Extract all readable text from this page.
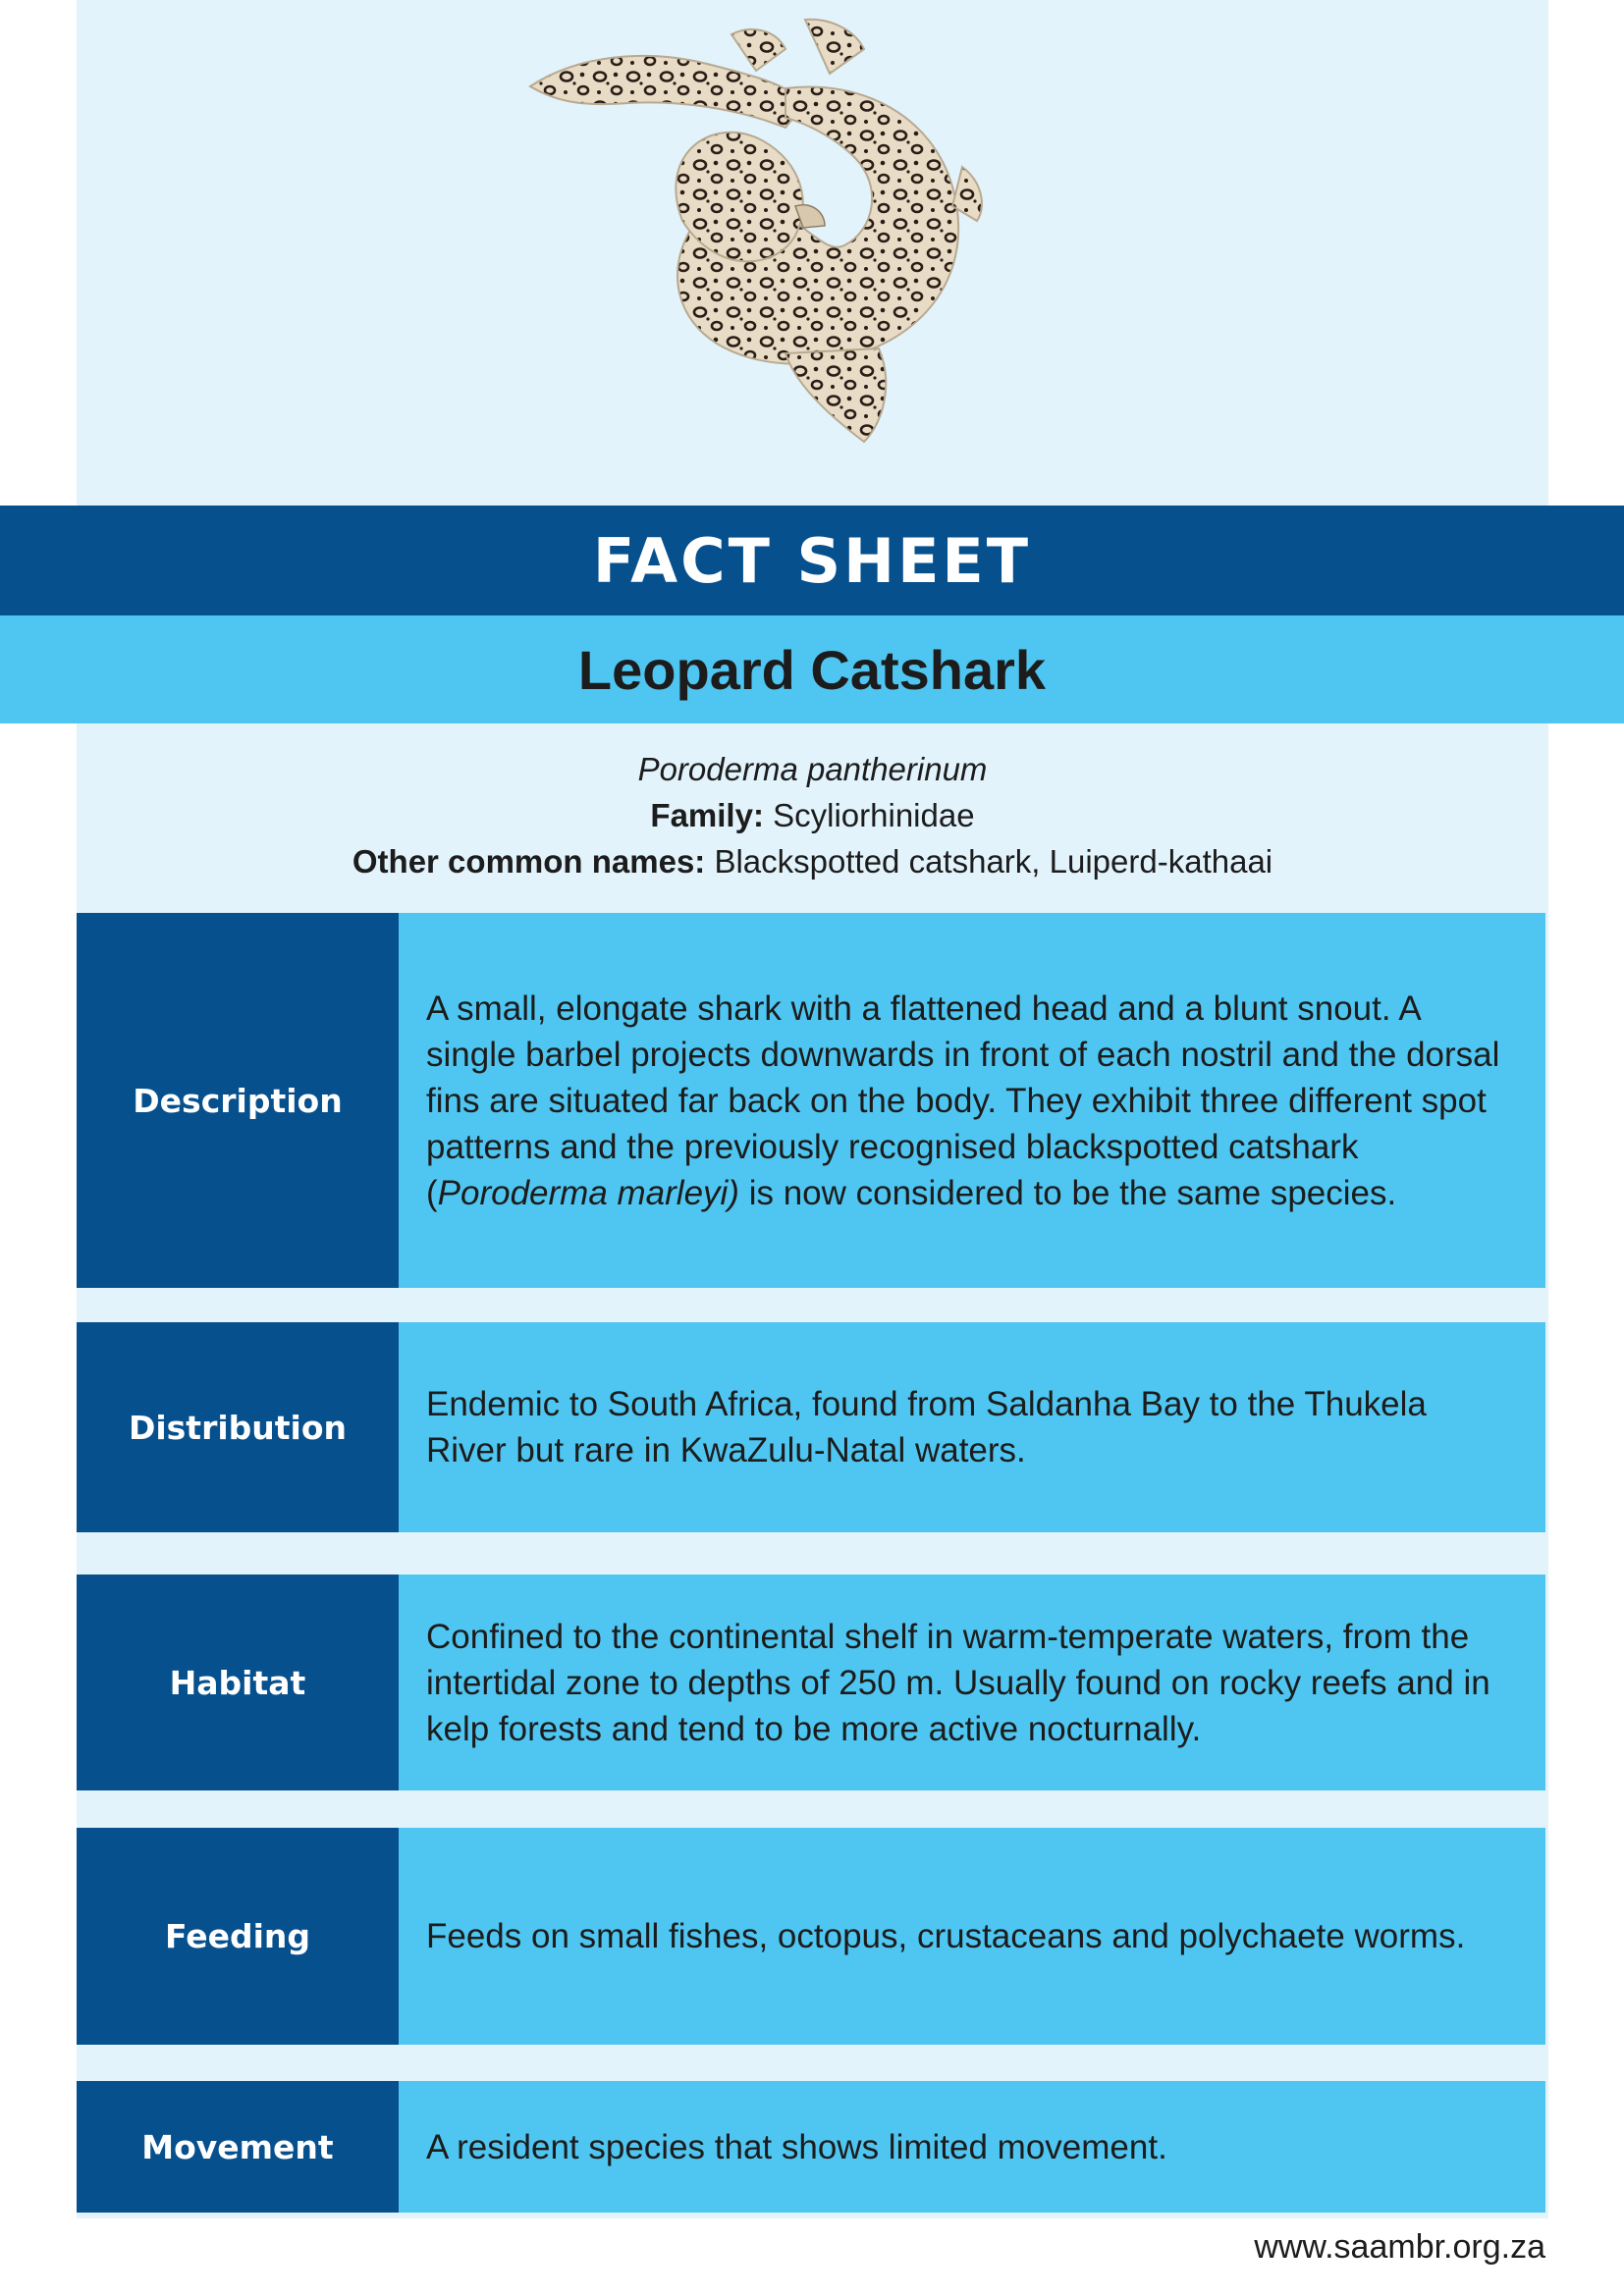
FACT SHEET
Leopard Catshark
Poroderma pantherinum
Family: Scyliorhinidae
Other common names: Blackspotted catshark, Luiperd-kathaai
Description
A small, elongate shark with a flattened head and a blunt snout. A single barbel projects downwards in front of each nostril and the dorsal fins are situated far back on the body. They exhibit three different spot patterns and the previously recognised blackspotted catshark (Poroderma marleyi) is now considered to be the same species.
Distribution
Endemic to South Africa, found from Saldanha Bay to the Thukela River but rare in KwaZulu-Natal waters.
Habitat
Confined to the continental shelf in warm-temperate waters, from the intertidal zone to depths of 250 m. Usually found on rocky reefs and in kelp forests and tend to be more active nocturnally.
Feeding	Feeds on small fishes, octopus, crustaceans and polychaete worms.
Movement	A resident species that shows limited movement.
www.saambr.org.za
